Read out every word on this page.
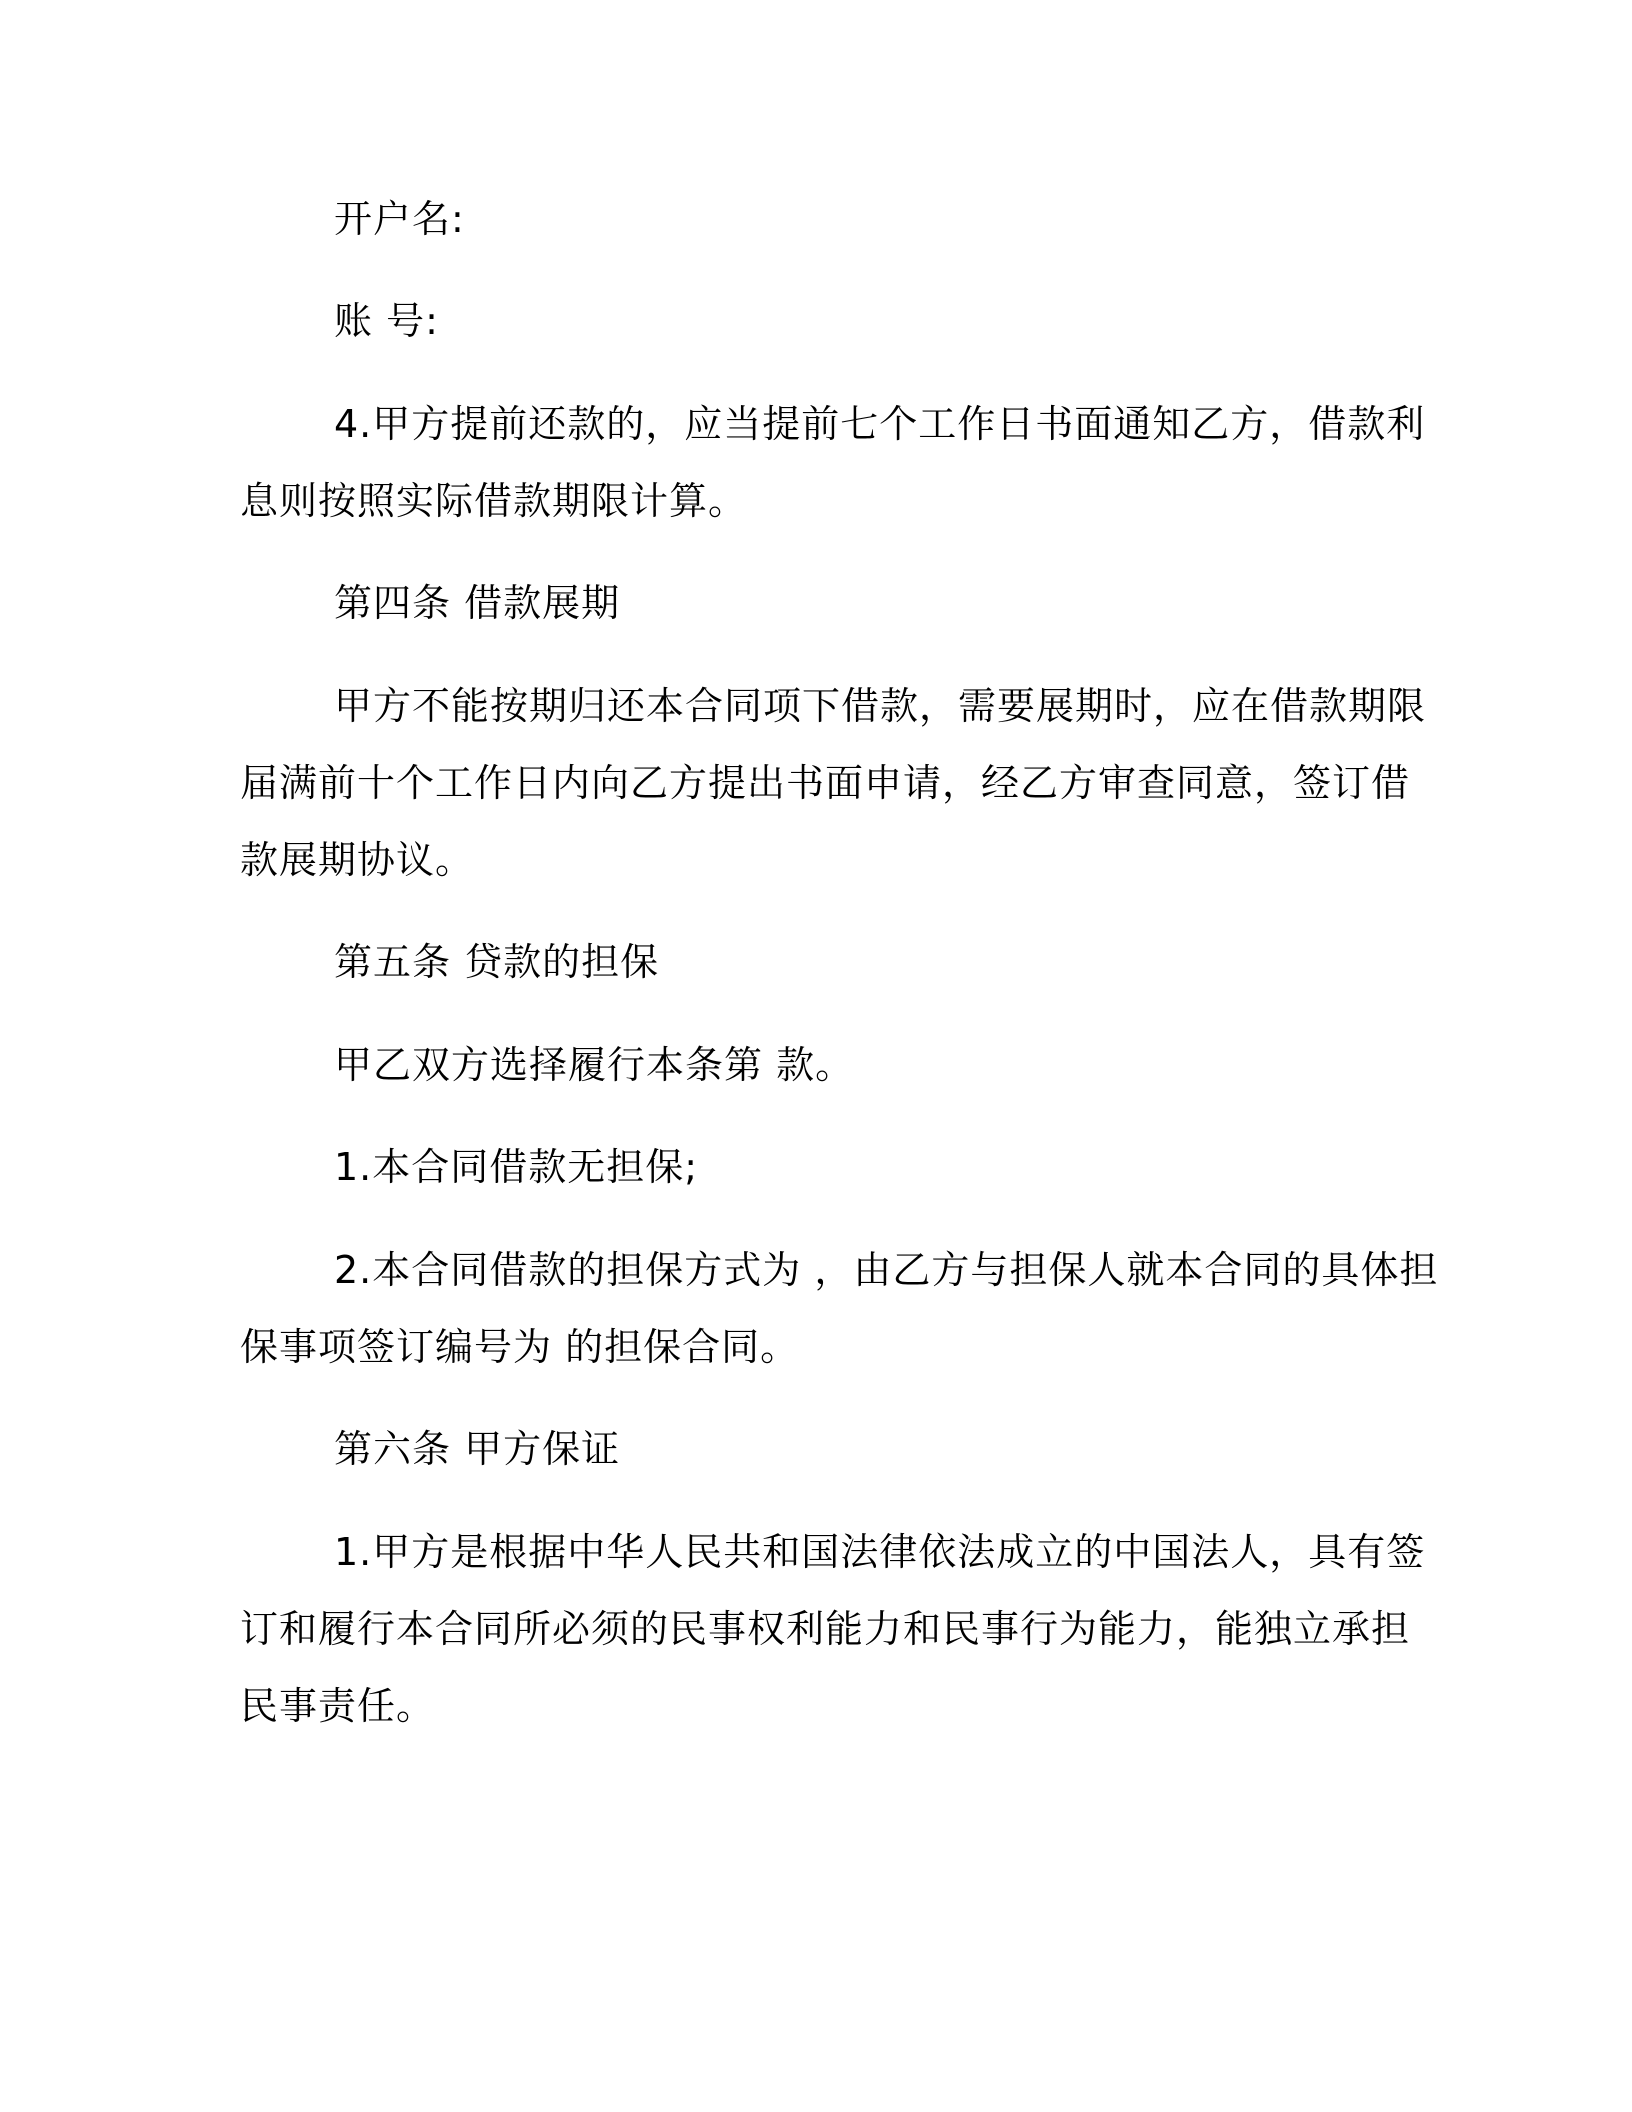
开户名:
账 号:
4.甲方提前还款的，应当提前七个工作日书面通知乙方，借款利
息则按照实际借款期限计算。
第四条 借款展期
甲方不能按期归还本合同项下借款，需要展期时，应在借款期限
届满前十个工作日内向乙方提出书面申请，经乙方审查同意，签订借
款展期协议。
第五条 贷款的担保
甲乙双方选择履行本条第 款。
1.本合同借款无担保;
2.本合同借款的担保方式为 ，由乙方与担保人就本合同的具体担
保事项签订编号为 的担保合同。
第六条 甲方保证
1.甲方是根据中华人民共和国法律依法成立的中国法人，具有签
订和履行本合同所必须的民事权利能力和民事行为能力，能独立承担
民事责任。
